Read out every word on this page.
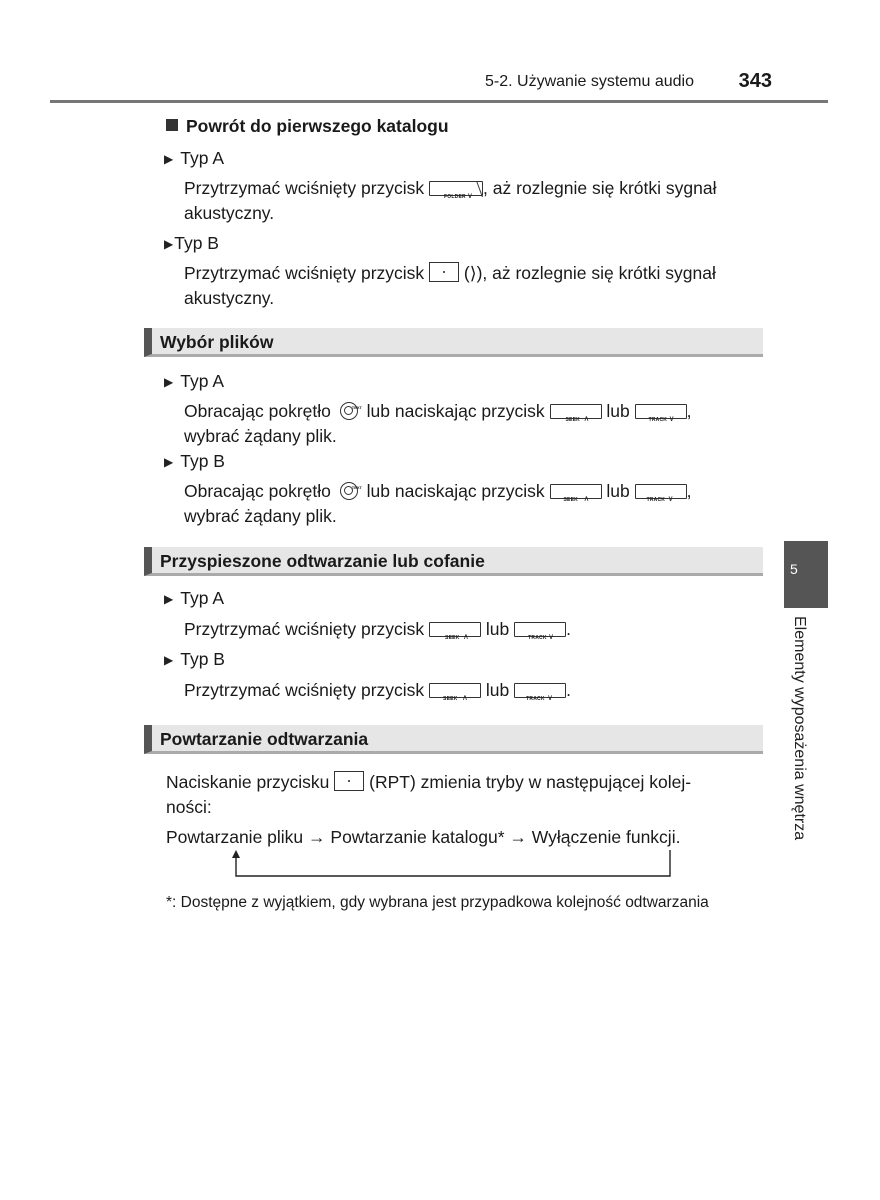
5-2. Używanie systemu audio 343
Powrót do pierwszego katalogu
▶ Typ A
Przytrzymać wciśnięty przycisk	FOLDER ∨ , aż rozlegnie się krótki sygnał
akustyczny.
▶Typ B
Przytrzymać wciśnięty przycisk  (⟩), aż rozlegnie się krótki sygnał
akustyczny.
Wybór plików
▶ Typ A
Obracając pokrętło	TEXT lub naciskając przycisk	SEEK ∧ lub	TRACK ∨ ,
wybrać żądany plik.
▶ Typ B
Obracając pokrętło	TEXT lub naciskając przycisk	SEEK ∧ lub	TRACK ∨ ,
wybrać żądany plik.
Przyspieszone odtwarzanie lub cofanie
▶ Typ A
Przytrzymać wciśnięty przycisk	SEEK ∧ lub	TRACK ∨ .
▶ Typ B
Przytrzymać wciśnięty przycisk	SEEK ∧ lub	TRACK ∨ .
Powtarzanie odtwarzania
Naciskanie przycisku (RPT) zmienia tryby w następującej kolej-
ności:
Powtarzanie pliku → Powtarzanie katalogu* → Wyłączenie funkcji.
*: Dostępne z wyjątkiem, gdy wybrana jest przypadkowa kolejność odtwarzania
5
Elementy wyposażenia wnętrza
